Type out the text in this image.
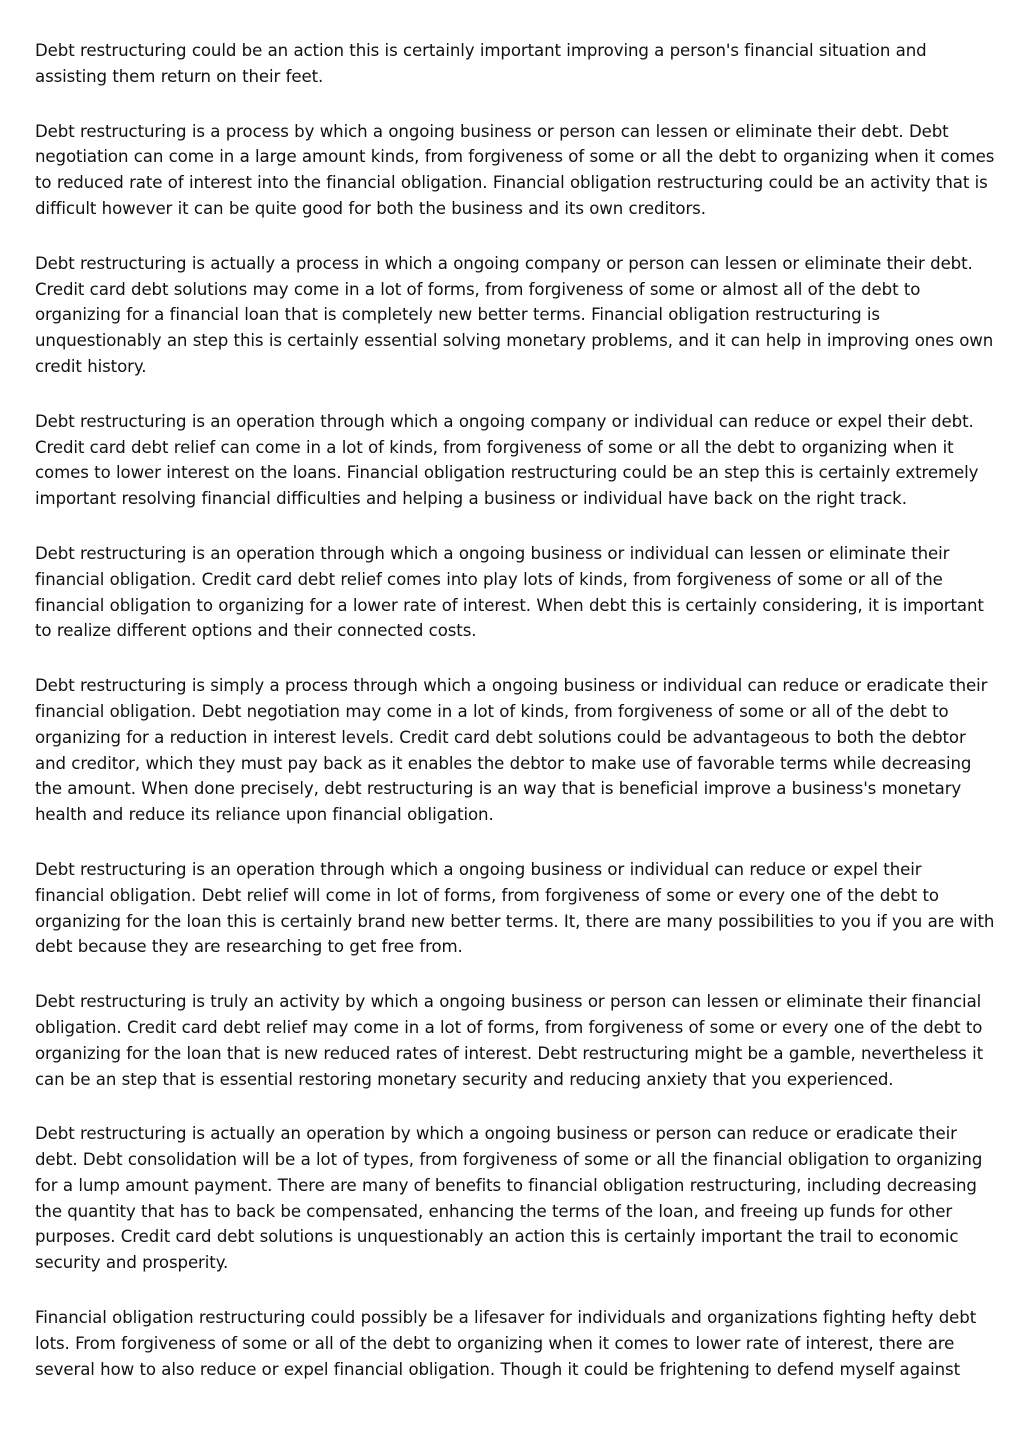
Debt restructuring could be an action this is certainly important improving a person's financial situation and assisting them return on their feet.

Debt restructuring is a process by which a ongoing business or person can lessen or eliminate their debt. Debt negotiation can come in a large amount kinds, from forgiveness of some or all the debt to organizing when it comes to reduced rate of interest into the financial obligation. Financial obligation restructuring could be an activity that is difficult however it can be quite good for both the business and its own creditors.

Debt restructuring is actually a process in which a ongoing company or person can lessen or eliminate their debt. Credit card debt solutions may come in a lot of forms, from forgiveness of some or almost all of the debt to organizing for a financial loan that is completely new better terms. Financial obligation restructuring is unquestionably an step this is certainly essential solving monetary problems, and it can help in improving ones own credit history.

Debt restructuring is an operation through which a ongoing company or individual can reduce or expel their debt. Credit card debt relief can come in a lot of kinds, from forgiveness of some or all the debt to organizing when it comes to lower interest on the loans. Financial obligation restructuring could be an step this is certainly extremely important resolving financial difficulties and helping a business or individual have back on the right track.

Debt restructuring is an operation through which a ongoing business or individual can lessen or eliminate their financial obligation. Credit card debt relief comes into play lots of kinds, from forgiveness of some or all of the financial obligation to organizing for a lower rate of interest. When debt this is certainly considering, it is important to realize different options and their connected costs.

Debt restructuring is simply a process through which a ongoing business or individual can reduce or eradicate their financial obligation. Debt negotiation may come in a lot of kinds, from forgiveness of some or all of the debt to organizing for a reduction in interest levels. Credit card debt solutions could be advantageous to both the debtor and creditor, which they must pay back as it enables the debtor to make use of favorable terms while decreasing the amount. When done precisely, debt restructuring is an way that is beneficial improve a business's monetary health and reduce its reliance upon financial obligation.

Debt restructuring is an operation through which a ongoing business or individual can reduce or expel their financial obligation. Debt relief will come in lot of forms, from forgiveness of some or every one of the debt to organizing for the loan this is certainly brand new better terms. It, there are many possibilities to you if you are with debt because they are researching to get free from.

Debt restructuring is truly an activity by which a ongoing business or person can lessen or eliminate their financial obligation. Credit card debt relief may come in a lot of forms, from forgiveness of some or every one of the debt to organizing for the loan that is new reduced rates of interest. Debt restructuring might be a gamble, nevertheless it can be an step that is essential restoring monetary security and reducing anxiety that you experienced.

Debt restructuring is actually an operation by which a ongoing business or person can reduce or eradicate their debt. Debt consolidation will be a lot of types, from forgiveness of some or all the financial obligation to organizing for a lump amount payment. There are many of benefits to financial obligation restructuring, including decreasing the quantity that has to back be compensated, enhancing the terms of the loan, and freeing up funds for other purposes. Credit card debt solutions is unquestionably an action this is certainly important the trail to economic security and prosperity.

Financial obligation restructuring could possibly be a lifesaver for individuals and organizations fighting hefty debt lots. From forgiveness of some or all of the debt to organizing when it comes to lower rate of interest, there are several how to also reduce or expel financial obligation. Though it could be frightening to defend myself against
